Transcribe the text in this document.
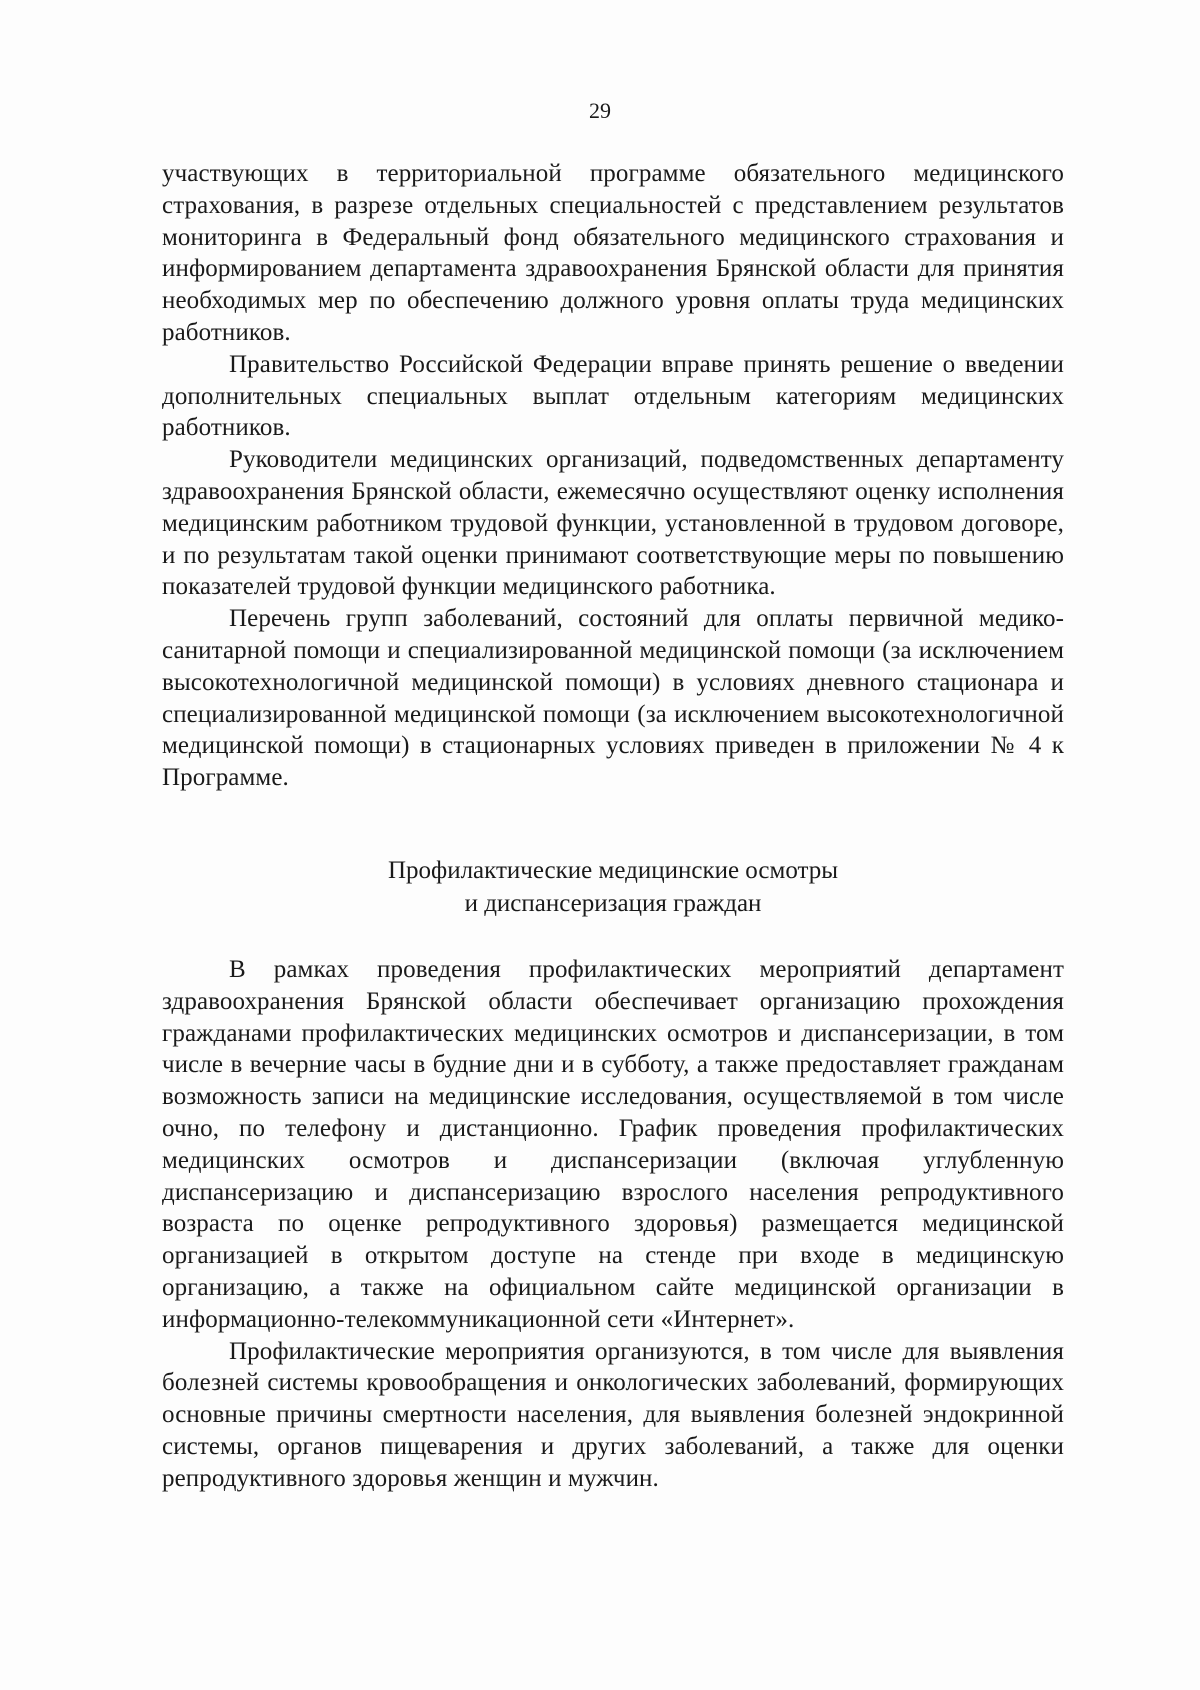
29

участвующих в территориальной программе обязательного медицинского страхования, в разрезе отдельных специальностей с представлением результатов мониторинга в Федеральный фонд обязательного медицинского страхования и информированием департамента здравоохранения Брянской области для принятия необходимых мер по обеспечению должного уровня оплаты труда медицинских работников.

Правительство Российской Федерации вправе принять решение о введении дополнительных специальных выплат отдельным категориям медицинских работников.

Руководители медицинских организаций, подведомственных департаменту здравоохранения Брянской области, ежемесячно осуществляют оценку исполнения медицинским работником трудовой функции, установленной в трудовом договоре, и по результатам такой оценки принимают соответствующие меры по повышению показателей трудовой функции медицинского работника.

Перечень групп заболеваний, состояний для оплаты первичной медико-санитарной помощи и специализированной медицинской помощи (за исключением высокотехнологичной медицинской помощи) в условиях дневного стационара и специализированной медицинской помощи (за исключением высокотехнологичной медицинской помощи) в стационарных условиях приведен в приложении № 4 к Программе.

Профилактические медицинские осмотры
и диспансеризация граждан

В рамках проведения профилактических мероприятий департамент здравоохранения Брянской области обеспечивает организацию прохождения гражданами профилактических медицинских осмотров и диспансеризации, в том числе в вечерние часы в будние дни и в субботу, а также предоставляет гражданам возможность записи на медицинские исследования, осуществляемой в том числе очно, по телефону и дистанционно. График проведения профилактических медицинских осмотров и диспансеризации (включая углубленную диспансеризацию и диспансеризацию взрослого населения репродуктивного возраста по оценке репродуктивного здоровья) размещается медицинской организацией в открытом доступе на стенде при входе в медицинскую организацию, а также на официальном сайте медицинской организации в информационно-телекоммуникационной сети «Интернет».

Профилактические мероприятия организуются, в том числе для выявления болезней системы кровообращения и онкологических заболеваний, формирующих основные причины смертности населения, для выявления болезней эндокринной системы, органов пищеварения и других заболеваний, а также для оценки репродуктивного здоровья женщин и мужчин.
